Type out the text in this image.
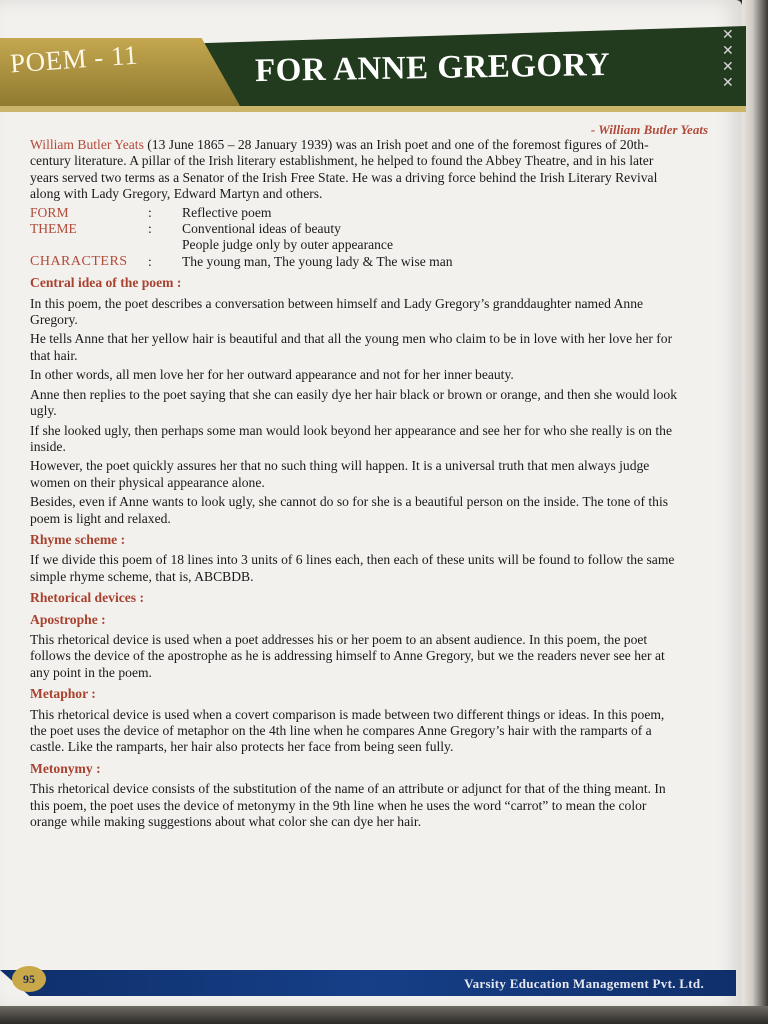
POEM - 11	FOR ANNE GREGORY
✕
✕
✕
✕
- William Butler Yeats

William Butler Yeats (13 June 1865 – 28 January 1939) was an Irish poet and one of the foremost figures of 20th-century literature. A pillar of the Irish literary establishment, he helped to found the Abbey Theatre, and in his later years served two terms as a Senator of the Irish Free State. He was a driving force behind the Irish Literary Revival along with Lady Gregory, Edward Martyn and others.

FORM	:	Reflective poem
THEME	:	Conventional ideas of beauty
People judge only by outer appearance
CHARACTERS	:	The young man, The young lady & The wise man

Central idea of the poem :

In this poem, the poet describes a conversation between himself and Lady Gregory’s granddaughter named Anne Gregory.

He tells Anne that her yellow hair is beautiful and that all the young men who claim to be in love with her love her for that hair.

In other words, all men love her for her outward appearance and not for her inner beauty.

Anne then replies to the poet saying that she can easily dye her hair black or brown or orange, and then she would look ugly.

If she looked ugly, then perhaps some man would look beyond her appearance and see her for who she really is on the inside.

However, the poet quickly assures her that no such thing will happen. It is a universal truth that men always judge women on their physical appearance alone.

Besides, even if Anne wants to look ugly, she cannot do so for she is a beautiful person on the inside. The tone of this poem is light and relaxed.

Rhyme scheme :

If we divide this poem of 18 lines into 3 units of 6 lines each, then each of these units will be found to follow the same simple rhyme scheme, that is, ABCBDB.

Rhetorical devices :

Apostrophe :

This rhetorical device is used when a poet addresses his or her poem to an absent audience. In this poem, the poet follows the device of the apostrophe as he is addressing himself to Anne Gregory, but we the readers never see her at any point in the poem.

Metaphor :

This rhetorical device is used when a covert comparison is made between two different things or ideas. In this poem, the poet uses the device of metaphor on the 4th line when he compares Anne Gregory’s hair with the ramparts of a castle. Like the ramparts, her hair also protects her face from being seen fully.

Metonymy :

This rhetorical device consists of the substitution of the name of an attribute or adjunct for that of the thing meant. In this poem, the poet uses the device of metonymy in the 9th line when he uses the word “carrot” to mean the color orange while making suggestions about what color she can dye her hair.

95	Varsity Education Management Pvt. Ltd.
